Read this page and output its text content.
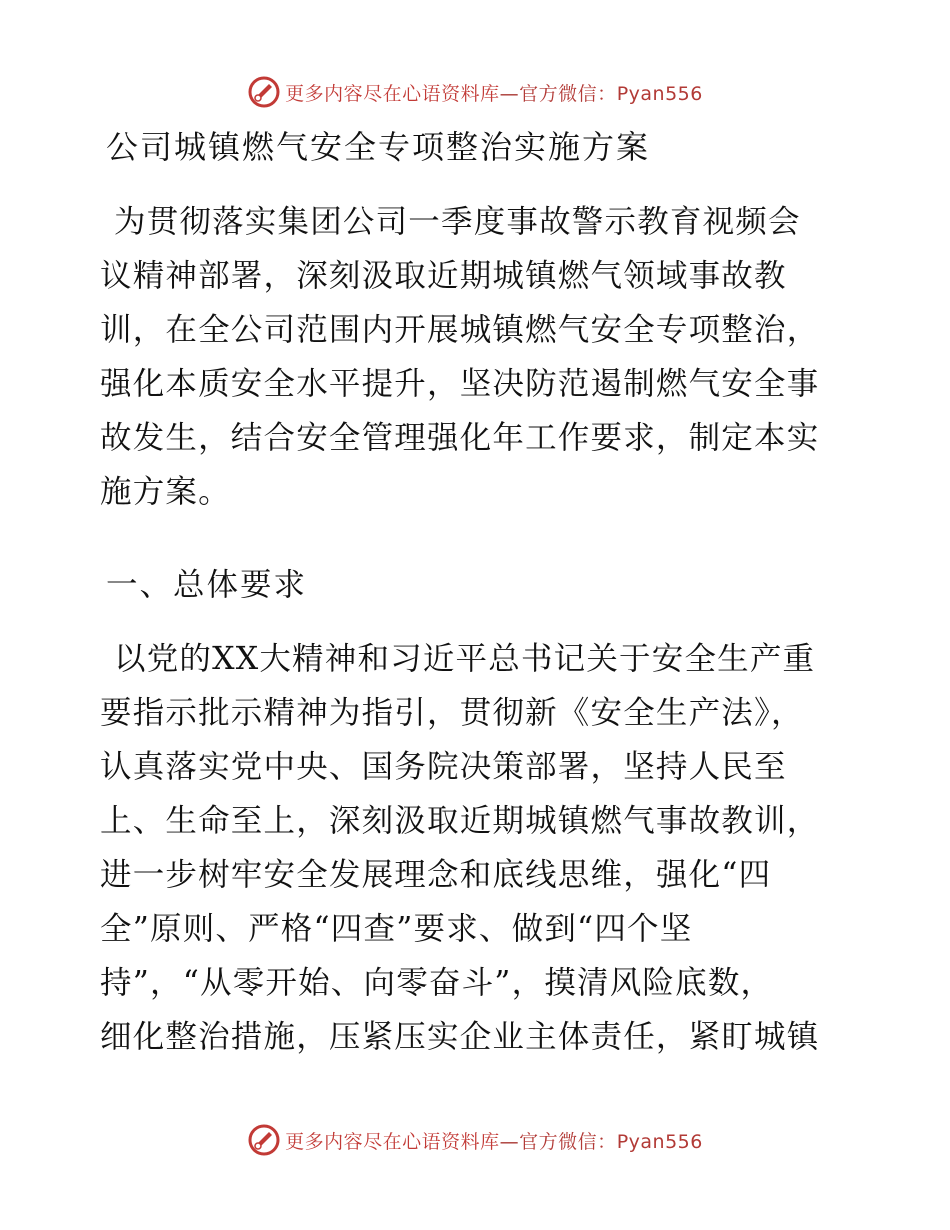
更多内容尽在心语资料库—官方微信：Pyan556
公司城镇燃气安全专项整治实施方案

为贯彻落实集团公司一季度事故警示教育视频会

议精神部署，深刻汲取近期城镇燃气领域事故教

训，在全公司范围内开展城镇燃气安全专项整治，

强化本质安全水平提升，坚决防范遏制燃气安全事

故发生，结合安全管理强化年工作要求，制定本实

施方案。

一、总体要求

以党的XX大精神和习近平总书记关于安全生产重

要指示批示精神为指引，贯彻新《安全生产法》，

认真落实党中央、国务院决策部署，坚持人民至

上、生命至上，深刻汲取近期城镇燃气事故教训，

进一步树牢安全发展理念和底线思维，强化“四

全”原则、严格“四查”要求、做到“四个坚

持”，“从零开始、向零奋斗”，摸清风险底数，

细化整治措施，压紧压实企业主体责任，紧盯城镇

更多内容尽在心语资料库—官方微信：Pyan556
